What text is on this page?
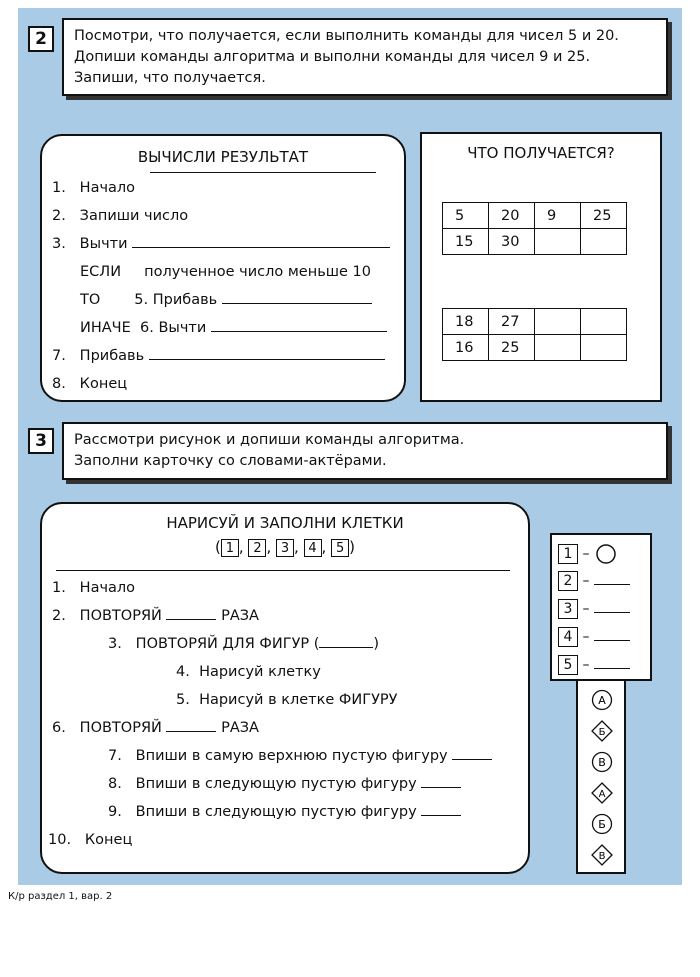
2	Посмотри, что получается, если выполнить команды для чисел 5 и 20.
Допиши команды алгоритма и выполни команды для чисел 9 и 25.
Запиши, что получается.
ВЫЧИСЛИ РЕЗУЛЬТАТ
1. Начало
2. Запиши число
3. Вычти
ЕСЛИ полученное число меньше 10
ТО 5. Прибавь
ИНАЧЕ 6. Вычти
7. Прибавь
8. Конец
ЧТО ПОЛУЧАЕТСЯ?
5	20	9	25
15	30		
18	27		
16	25		
3	Рассмотри рисунок и допиши команды алгоритма.
Заполни карточку со словами-актёрами.
НАРИСУЙ И ЗАПОЛНИ КЛЕТКИ
( 1 , 2 , 3 , 4 , 5 )
1. Начало
2. ПОВТОРЯЙ	РАЗА
3. ПОВТОРЯЙ ДЛЯ ФИГУР (	)
4. Нарисуй клетку
5. Нарисуй в клетке ФИГУРУ
6. ПОВТОРЯЙ	РАЗА
7. Впиши в самую верхнюю пустую фигуру
8. Впиши в следующую пустую фигуру
9. Впиши в следующую пустую фигуру
10. Конец
1 –
2 –
3 –
4 –
5 –
А
Б
В
А
Б
В
К/р раздел 1, вар. 2
